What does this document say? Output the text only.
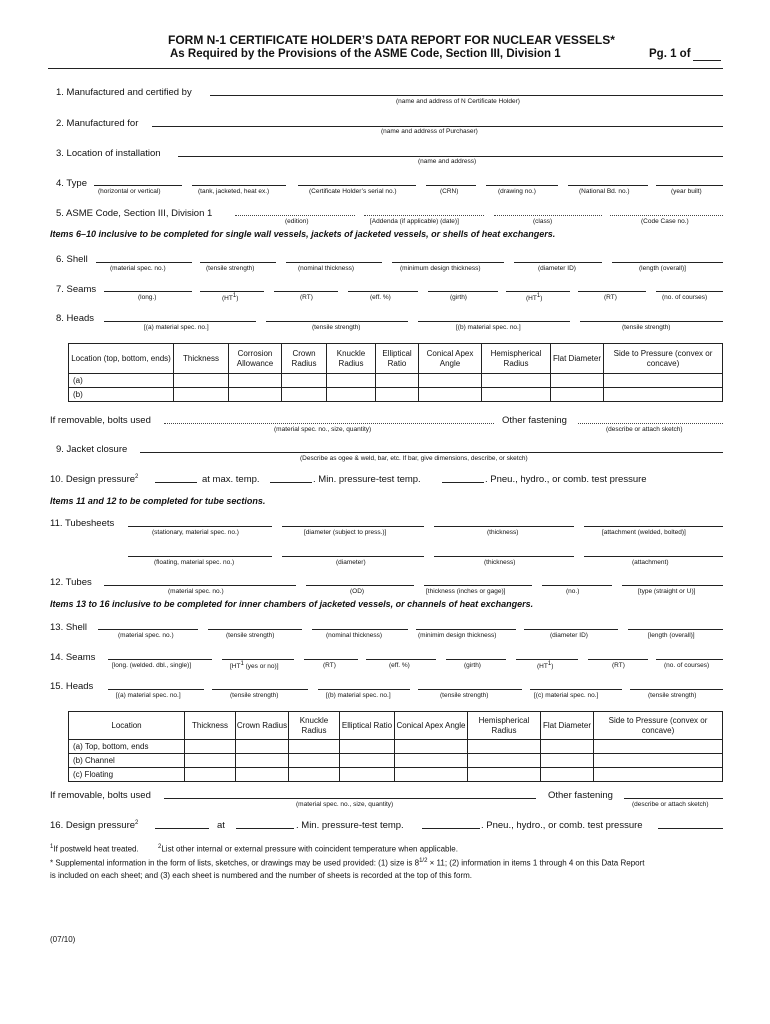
FORM N-1 CERTIFICATE HOLDER’S DATA REPORT FOR NUCLEAR VESSELS*
As Required by the Provisions of the ASME Code, Section III, Division 1	Pg. 1 of
1. Manufactured and certified by
(name and address of N Certificate Holder)
2. Manufactured for
(name and address of Purchaser)
3. Location of installation
(name and address)
4. Type
(horizontal or vertical)	(tank, jacketed, heat ex.)	(Certificate Holder’s serial no.)	(CRN)	(drawing no.)	(National Bd. no.)	(year built)
5. ASME Code, Section III, Division 1
(edition)	[Addenda (if applicable) (date)]	(class)	(Code Case no.)
Items 6–10 inclusive to be completed for single wall vessels, jackets of jacketed vessels, or shells of heat exchangers.
6. Shell
(material spec. no.)	(tensile strength)	(nominal thickness)	(minimum design thickness)	(diameter ID)	(length (overall)]
7. Seams
(long.)	$(HT^1)$	(RT)	(eff. %)	(girth)	$(HT^1)$	(RT)	(no. of courses)
8. Heads
[(a) material spec. no.]	(tensile strength)	[(b) material spec. no.]	(tensile strength)
Location (top, bottom, ends)	Thickness	Corrosion Allowance	Crown Radius	Knuckle Radius	Elliptical Ratio	Conical Apex Angle	Hemispherical Radius	Flat Diameter	Side to Pressure (convex or concave)
(a)									
(b)									
If removable, bolts used
(material spec. no., size, quantity)
Other fastening
(describe or attach sketch)
9. Jacket closure
(Describe as ogee & weld, bar, etc. If bar, give dimensions, describe, or sketch)
10. Design pressure$^2$	at max. temp.	. Min. pressure-test temp.	. Pneu., hydro., or comb. test pressure
Items 11 and 12 to be completed for tube sections.
11. Tubesheets
(stationary, material spec. no.)	[diameter (subject to press.)]	(thickness)	[attachment (welded, bolted)]
(floating, material spec. no.)	(diameter)	(thickness)	(attachment)
12. Tubes
(material spec. no.)	(OD)	[thickness (inches or gage)]	(no.)	[type (straight or U)]
Items 13 to 16 inclusive to be completed for inner chambers of jacketed vessels, or channels of heat exchangers.
13. Shell
(material spec. no.)	(tensile strength)	(nominal thickness)	(minimim design thickness)	(diameter ID)	[length (overall)]
14. Seams
[long. (welded. dbl., single)]	[$HT^1$ (yes or no)]	(RT)	(eff. %)	(girth)	$(HT^1)$	(RT)	(no. of courses)
15. Heads
[(a) material spec. no.]	(tensile strength)	[(b) material spec. no.]	(tensile strength)	[(c) material spec. no.]	(tensile strength)
Location	Thickness	Crown Radius	Knuckle Radius	Elliptical Ratio	Conical Apex Angle	Hemispherical Radius	Flat Diameter	Side to Pressure (convex or concave)
(a) Top, bottom, ends								
(b) Channel								
(c) Floating								
If removable, bolts used
(material spec. no., size, quantity)
Other fastening
(describe or attach sketch)
16. Design pressure$^2$	at	. Min. pressure-test temp.	. Pneu., hydro., or comb. test pressure
$^1$If postweld heat treated.	$^2$List other internal or external pressure with coincident temperature when applicable.
* Supplemental information in the form of lists, sketches, or drawings may be used provided: (1) size is $8^{1/2} \times 11$; (2) information in items 1 through 4 on this Data Report
is included on each sheet; and (3) each sheet is numbered and the number of sheets is recorded at the top of this form.
(07/10)
